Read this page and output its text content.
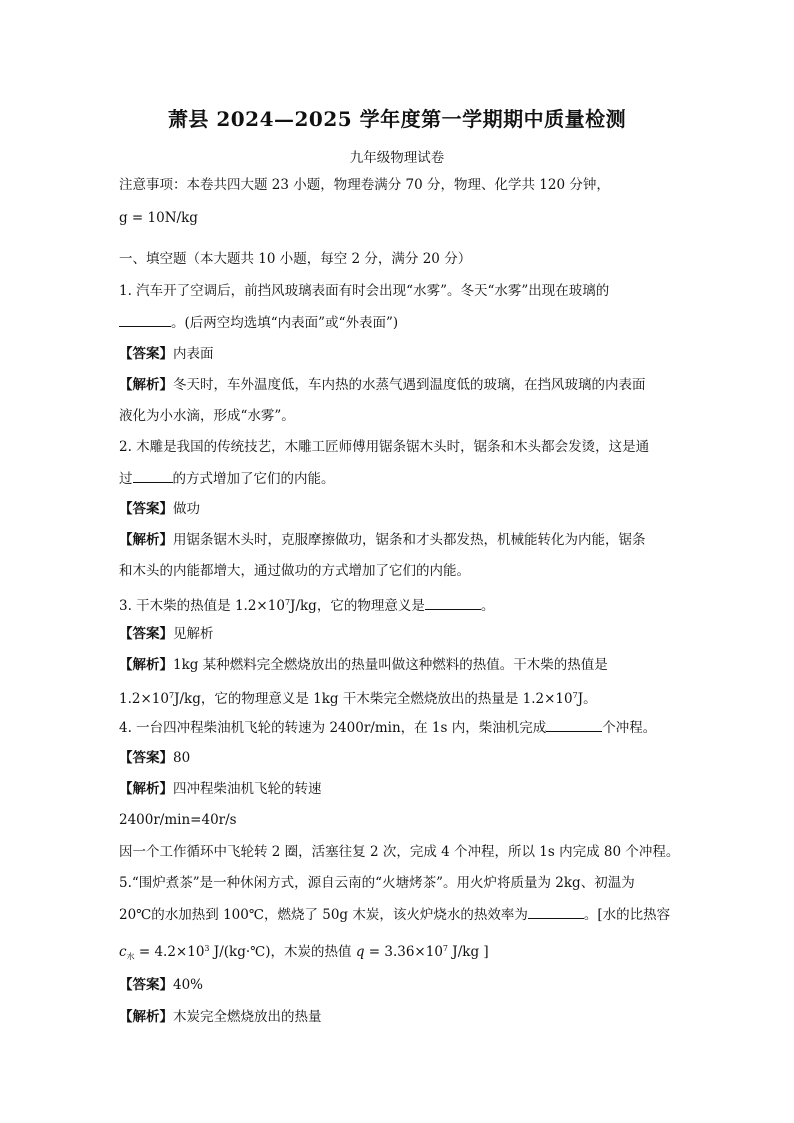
萧县 2024—2025 学年度第一学期期中质量检测
九年级物理试卷
注意事项：本卷共四大题 23 小题，物理卷满分 70 分，物理、化学共 120 分钟，
g = 10N/kg
一、填空题（本大题共 10 小题，每空 2 分，满分 20 分）
1. 汽车开了空调后，前挡风玻璃表面有时会出现“水雾”。冬天“水雾”出现在玻璃的
。(后两空均选填“内表面”或“外表面”)
【答案】内表面
【解析】冬天时，车外温度低，车内热的水蒸气遇到温度低的玻璃，在挡风玻璃的内表面
液化为小水滴，形成“水雾”。
2. 木雕是我国的传统技艺，木雕工匠师傅用锯条锯木头时，锯条和木头都会发烫，这是通
过	的方式增加了它们的内能。
【答案】做功
【解析】用锯条锯木头时，克服摩擦做功，锯条和才头都发热，机械能转化为内能，锯条
和木头的内能都增大，通过做功的方式增加了它们的内能。
3. 干木柴的热值是 $1.2\times 10^7J/kg$，它的物理意义是	。
【答案】见解析
【解析】1kg 某种燃料完全燃烧放出的热量叫做这种燃料的热值。干木柴的热值是
$1.2\times 10^7J/kg$，它的物理意义是 1kg 干木柴完全燃烧放出的热量是 $1.2\times 10^7J$。
4. 一台四冲程柴油机飞轮的转速为 2400r/min，在 1s 内，柴油机完成	个冲程。
【答案】80
【解析】四冲程柴油机飞轮的转速
2400r/min=40r/s
因一个工作循环中飞轮转 2 圈，活塞往复 2 次，完成 4 个冲程，所以 1s 内完成 80 个冲程。
5.“围炉煮茶”是一种休闲方式，源自云南的“火塘烤茶”。用火炉将质量为 2kg、初温为
20℃的水加热到 100℃，燃烧了 50g 木炭，该火炉烧水的热效率为	。[水的比热容
$c_水 = 4.2\times 10^3$ J/(kg·℃)，木炭的热值 $q = 3.36\times 10^7$ J/kg ]
【答案】40%
【解析】木炭完全燃烧放出的热量
